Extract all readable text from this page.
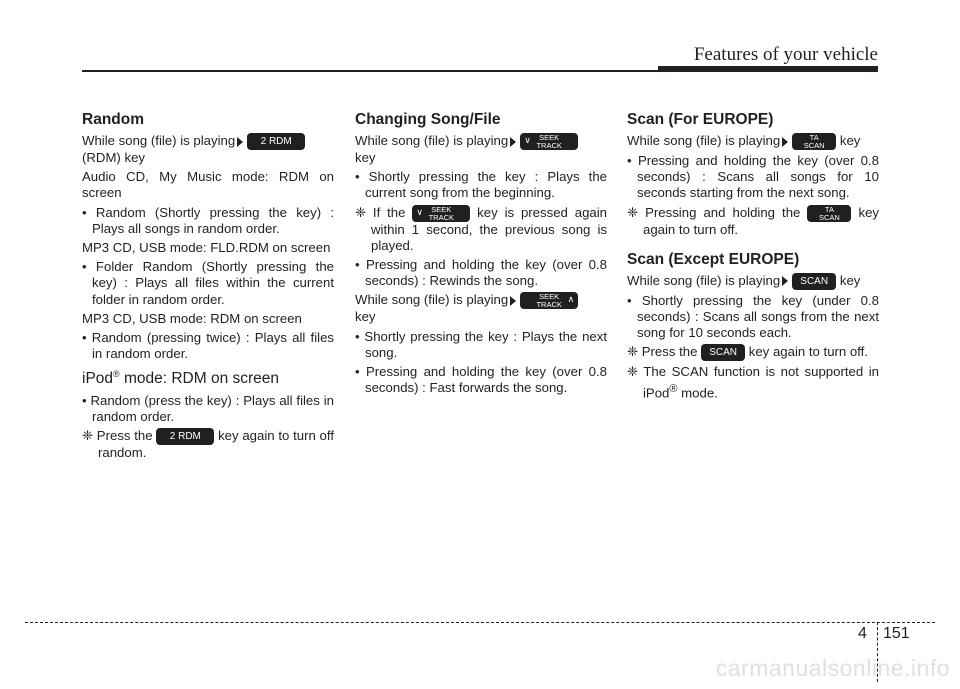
Features of your vehicle
Random

While song (file) is playing	2 RDM
(RDM) key

Audio CD, My Music mode: RDM on screen

• Random (Shortly pressing the key) : Plays all songs in random order.

MP3 CD, USB mode: FLD.RDM on screen

• Folder Random (Shortly pressing the key) : Plays all files within the current folder in random order.

MP3 CD, USB mode: RDM on screen

• Random (pressing twice) : Plays all files in random order.

iPod® mode: RDM on screen

• Random (press the key) : Plays all files in random order.

❈ Press the 2 RDM key again to turn off random.

Changing Song/File

While song (file) is playing ∨	SEEK
TRACK
key

• Shortly pressing the key : Plays the current song from the beginning.

❈ If the ∨	SEEK
TRACK key is pressed again within 1 second, the previous song is played.

• Pressing and holding the key (over 0.8 seconds) : Rewinds the song.

While song (file) is playing	∧
SEEK
TRACK
key

• Shortly pressing the key : Plays the next song.

• Pressing and holding the key (over 0.8 seconds) : Fast forwards the song.

Scan (For EUROPE)

While song (file) is playing	TA
SCAN key

• Pressing and holding the key (over 0.8 seconds) : Scans all songs for 10 seconds starting from the next song.

❈ Pressing and holding the	TA
SCAN key again to turn off.

Scan (Except EUROPE)

While song (file) is playing SCAN key

• Shortly pressing the key (under 0.8 seconds) : Scans all songs from the next song for 10 seconds each.

❈ Press the SCAN key again to turn off.

❈ The SCAN function is not supported in iPod® mode.

4 151
carmanualsonline.info
